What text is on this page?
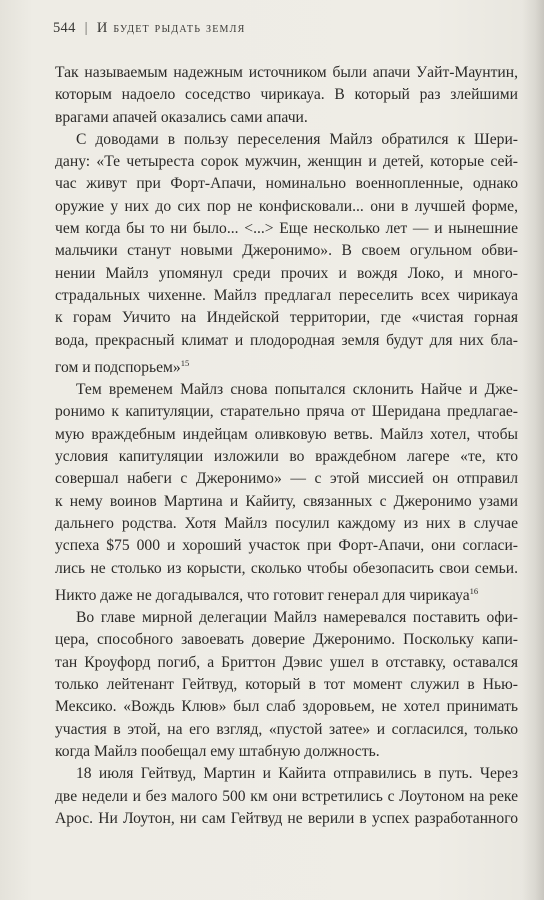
544 | И будет рыдать земля

Так называемым надежным источником были апачи Уайт-Маунтин,
которым надоело соседство чирикауа. В который раз злейшими
врагами апачей оказались сами апачи.

С доводами в пользу переселения Майлз обратился к Шери-
дану: «Те четыреста сорок мужчин, женщин и детей, которые сей-
час живут при Форт-Апачи, номинально военнопленные, однако
оружие у них до сих пор не конфисковали... они в лучшей форме,
чем когда бы то ни было... <...> Еще несколько лет — и нынешние
мальчики станут новыми Джеронимо». В своем огульном обви-
нении Майлз упомянул среди прочих и вождя Локо, и много-
страдальных чихенне. Майлз предлагал переселить всех чирикауа
к горам Уичито на Индейской территории, где «чистая горная
вода, прекрасный климат и плодородная земля будут для них бла-
гом и подспорьем»$^{15}$

Тем временем Майлз снова попытался склонить Найче и Дже-
ронимо к капитуляции, старательно пряча от Шеридана предлагае-
мую враждебным индейцам оливковую ветвь. Майлз хотел, чтобы
условия капитуляции изложили во враждебном лагере «те, кто
совершал набеги с Джеронимо» — с этой миссией он отправил
к нему воинов Мартина и Кайиту, связанных с Джеронимо узами
дальнего родства. Хотя Майлз посулил каждому из них в случае
успеха $75 000 и хороший участок при Форт-Апачи, они согласи-
лись не столько из корысти, сколько чтобы обезопасить свои семьи.
Никто даже не догадывался, что готовит генерал для чирикауа$^{16}$

Во главе мирной делегации Майлз намеревался поставить офи-
цера, способного завоевать доверие Джеронимо. Поскольку капи-
тан Кроуфорд погиб, а Бриттон Дэвис ушел в отставку, оставался
только лейтенант Гейтвуд, который в тот момент служил в Нью-
Мексико. «Вождь Клюв» был слаб здоровьем, не хотел принимать
участия в этой, на его взгляд, «пустой затее» и согласился, только
когда Майлз пообещал ему штабную должность.

18 июля Гейтвуд, Мартин и Кайита отправились в путь. Через
две недели и без малого 500 км они встретились с Лоутоном на реке
Арос. Ни Лоутон, ни сам Гейтвуд не верили в успех разработанного
